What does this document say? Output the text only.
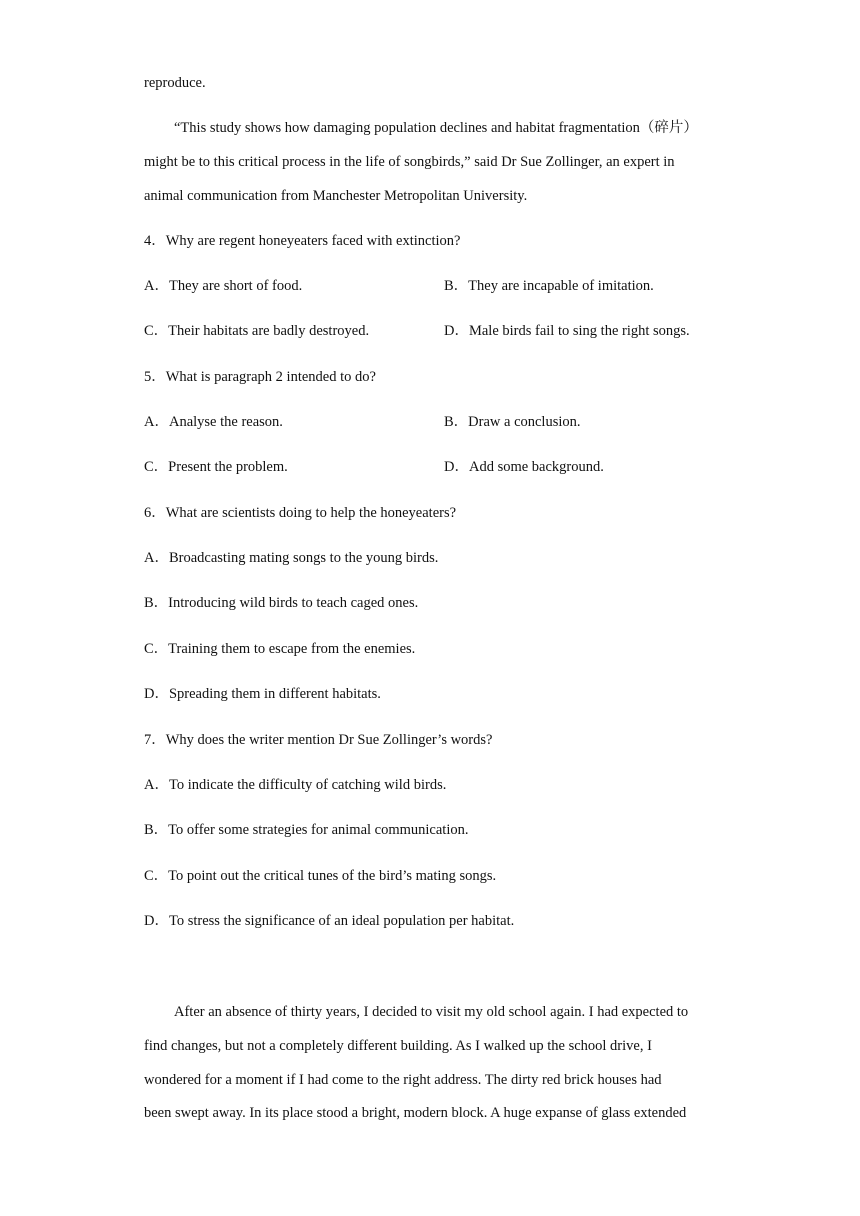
reproduce.
“This study shows how damaging population declines and habitat fragmentation（碎片）
might be to this critical process in the life of songbirds,” said Dr Sue Zollinger, an expert in
animal communication from Manchester Metropolitan University.
4．Why are regent honeyeaters faced with extinction?
A．They are short of food.	B．They are incapable of imitation.
C．Their habitats are badly destroyed.	D．Male birds fail to sing the right songs.
5．What is paragraph 2 intended to do?
A．Analyse the reason.	B．Draw a conclusion.
C．Present the problem.	D．Add some background.
6．What are scientists doing to help the honeyeaters?
A．Broadcasting mating songs to the young birds.
B．Introducing wild birds to teach caged ones.
C．Training them to escape from the enemies.
D．Spreading them in different habitats.
7．Why does the writer mention Dr Sue Zollinger’s words?
A．To indicate the difficulty of catching wild birds.
B．To offer some strategies for animal communication.
C．To point out the critical tunes of the bird’s mating songs.
D．To stress the significance of an ideal population per habitat.
After an absence of thirty years, I decided to visit my old school again. I had expected to
find changes, but not a completely different building. As I walked up the school drive, I
wondered for a moment if I had come to the right address. The dirty red brick houses had
been swept away. In its place stood a bright, modern block. A huge expanse of glass extended
